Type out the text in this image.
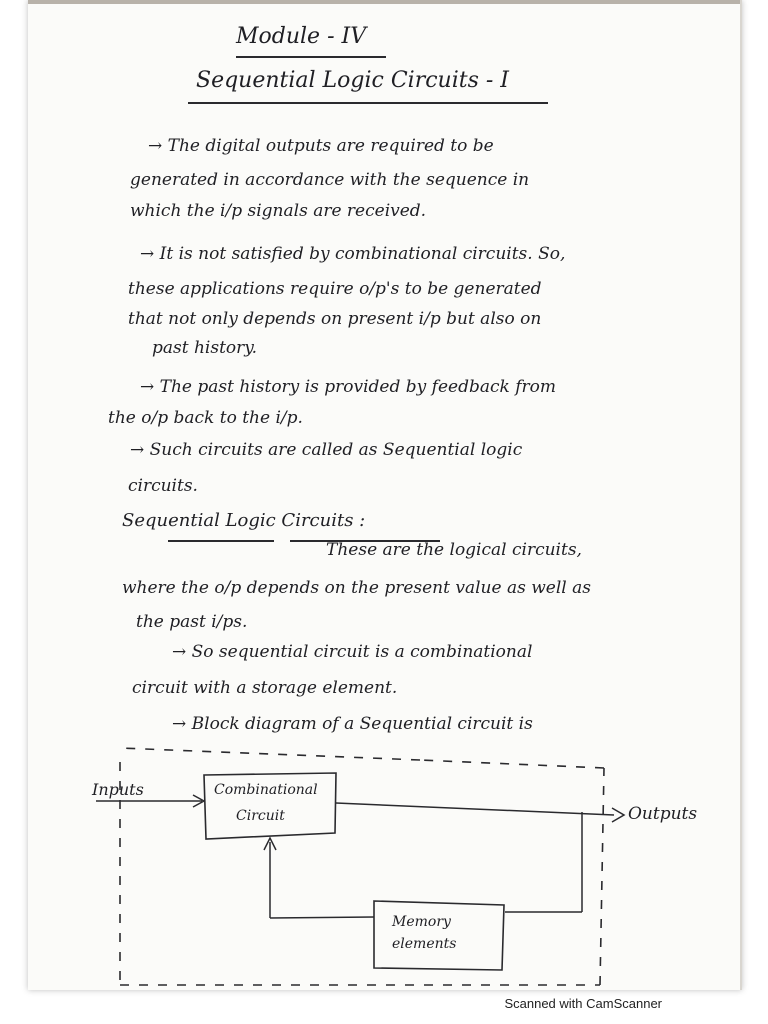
Module - IV
Sequential Logic Circuits - I
→ The digital outputs are required to be
generated in accordance with the sequence in
which the i/p signals are received.
→ It is not satisfied by combinational circuits. So,
these applications require o/p's to be generated
that not only depends on present i/p but also on
past history.
→ The past history is provided by feedback from
the o/p back to the i/p.
→ Such circuits are called as Sequential logic
circuits.
Sequential Logic Circuits :
These are the logical circuits,
where the o/p depends on the present value as well as
the past i/ps.
→ So sequential circuit is a combinational
circuit with a storage element.
→ Block diagram of a Sequential circuit is
Inputs	Combinational
Circuit	Outputs
Memory
elements
Scanned with CamScanner
